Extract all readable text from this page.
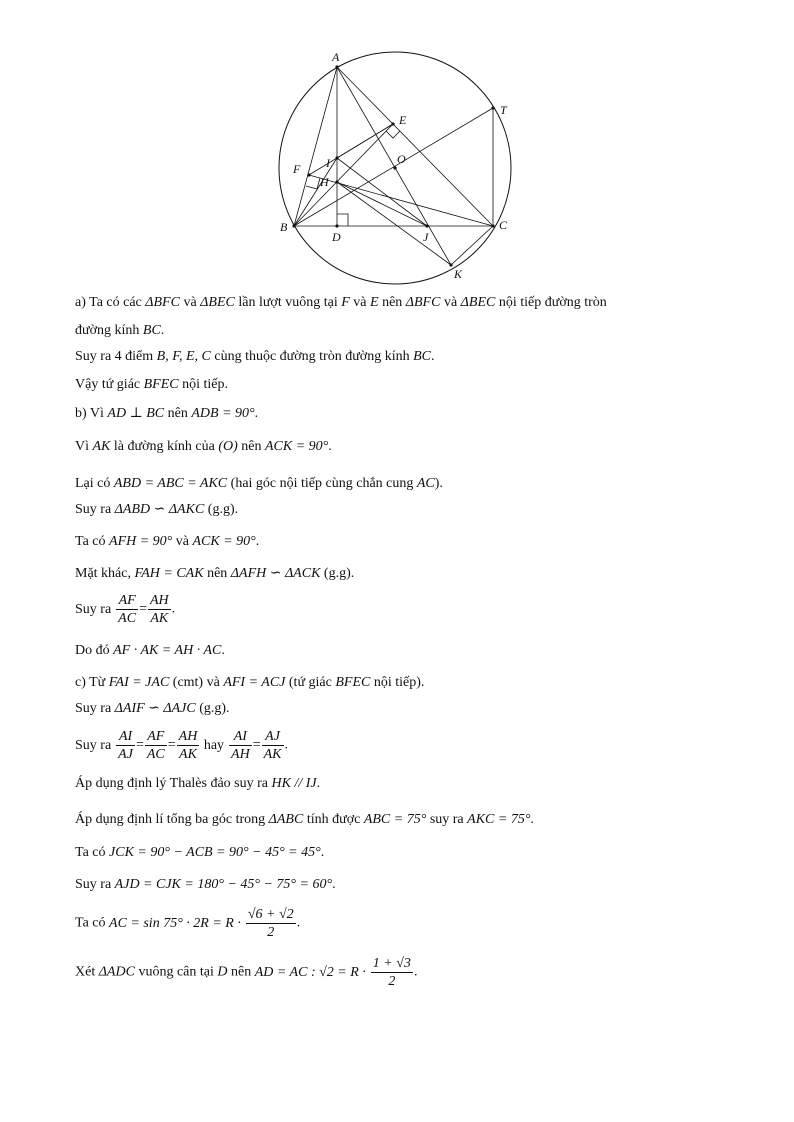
A
T
E
O
F I
H
B
D	J
C
K
a) Ta có các ΔBFC và ΔBEC lần lượt vuông tại F và E nên ΔBFC và ΔBEC nội tiếp đường tròn
đường kính BC.
Suy ra 4 điểm B, F, E, C cùng thuộc đường tròn đường kính BC.
Vậy tứ giác BFEC nội tiếp.
b) Vì AD ⊥ BC nên ADB = 90°.
Vì AK là đường kính của (O) nên ACK = 90°.
Lại có ABD = ABC = AKC (hai góc nội tiếp cùng chắn cung AC).
Suy ra ΔABD ∽ ΔAKC (g.g).
Ta có AFH = 90° và ACK = 90°.
Mặt khác, FAH = CAK nên ΔAFH ∽ ΔACK (g.g).
Suy ra $\frac{AF}{AC} = \frac{AH}{AK}$ .
Do đó AF · AK = AH · AC.
c) Từ FAI = JAC (cmt) và AFI = ACJ (tứ giác BFEC nội tiếp).
Suy ra ΔAIF ∽ ΔAJC (g.g).
Suy ra $\frac{AI}{AJ} = \frac{AF}{AC} = \frac{AH}{AK}$ hay $\frac{AI}{AH} = \frac{AJ}{AK}$ .
Áp dụng định lý Thalès đảo suy ra HK // IJ.
Áp dụng định lí tổng ba góc trong ΔABC tính được ABC = 75° suy ra AKC = 75°.
Ta có JCK = 90° − ACB = 90° − 45° = 45°.
Suy ra AJD = CJK = 180° − 45° − 75° = 60°.
Ta có AC = $\sin 75^\circ \cdot 2R = R \cdot \frac{√6 + √2}{2}$ .
Xét ΔADC vuông cân tại D nên AD = AC : $√2 = R \cdot \frac{1 + √3}{2}$ .
